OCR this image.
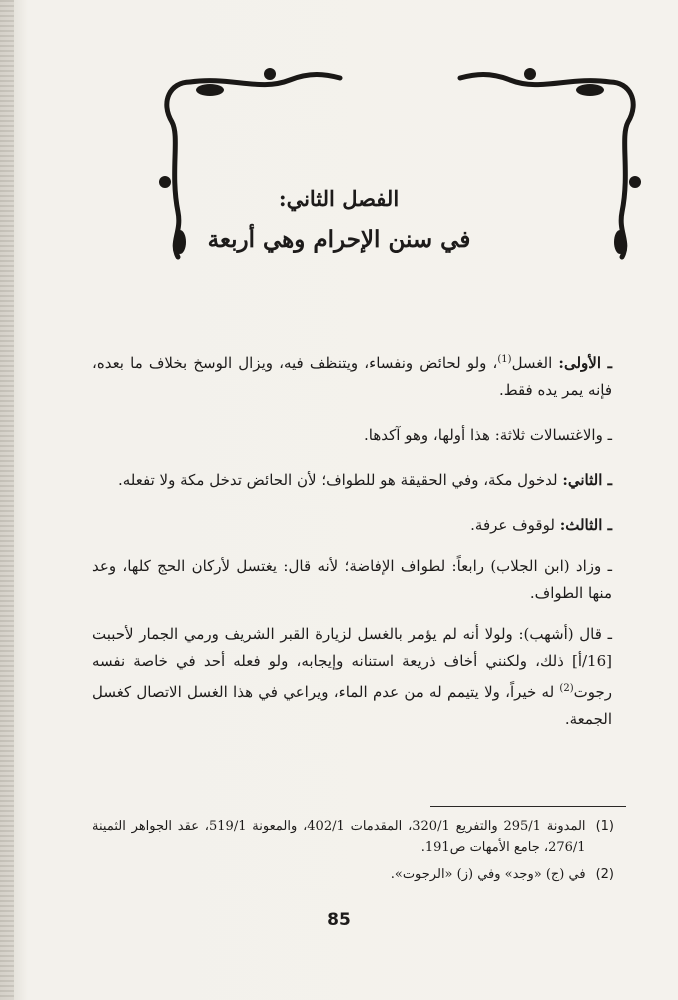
الفصل الثاني:
في سنن الإحرام وهي أربعة

ـ الأولى: الغسل$^{(1)}$، ولو لحائض ونفساء، ويتنظف فيه، ويزال الوسخ بخلاف ما بعده، فإنه يمر يده فقط.

ـ والاغتسالات ثلاثة: هذا أولها، وهو آكدها.

ـ الثاني: لدخول مكة، وفي الحقيقة هو للطواف؛ لأن الحائض تدخل مكة ولا تفعله.

ـ الثالث: لوقوف عرفة.

ـ وزاد (ابن الجلاب) رابعاً: لطواف الإفاضة؛ لأنه قال: يغتسل لأركان الحج كلها، وعد منها الطواف.

ـ قال (أشهب): ولولا أنه لم يؤمر بالغسل لزيارة القبر الشريف ورمي الجمار لأحببت [16/أ] ذلك، ولكنني أخاف ذريعة استنانه وإيجابه، ولو فعله أحد في خاصة نفسه رجوت$^{(2)}$ له خيراً، ولا يتيمم له من عدم الماء، ويراعي في هذا الغسل الاتصال كغسل الجمعة.

(1)
المدونة 295/1 والتفريع 320/1، المقدمات 402/1، والمعونة 519/1، عقد الجواهر الثمينة 276/1، جامع الأمهات ص191.
(2)
في (ج) «وجد» وفي (ز) «الرجوت».
85
